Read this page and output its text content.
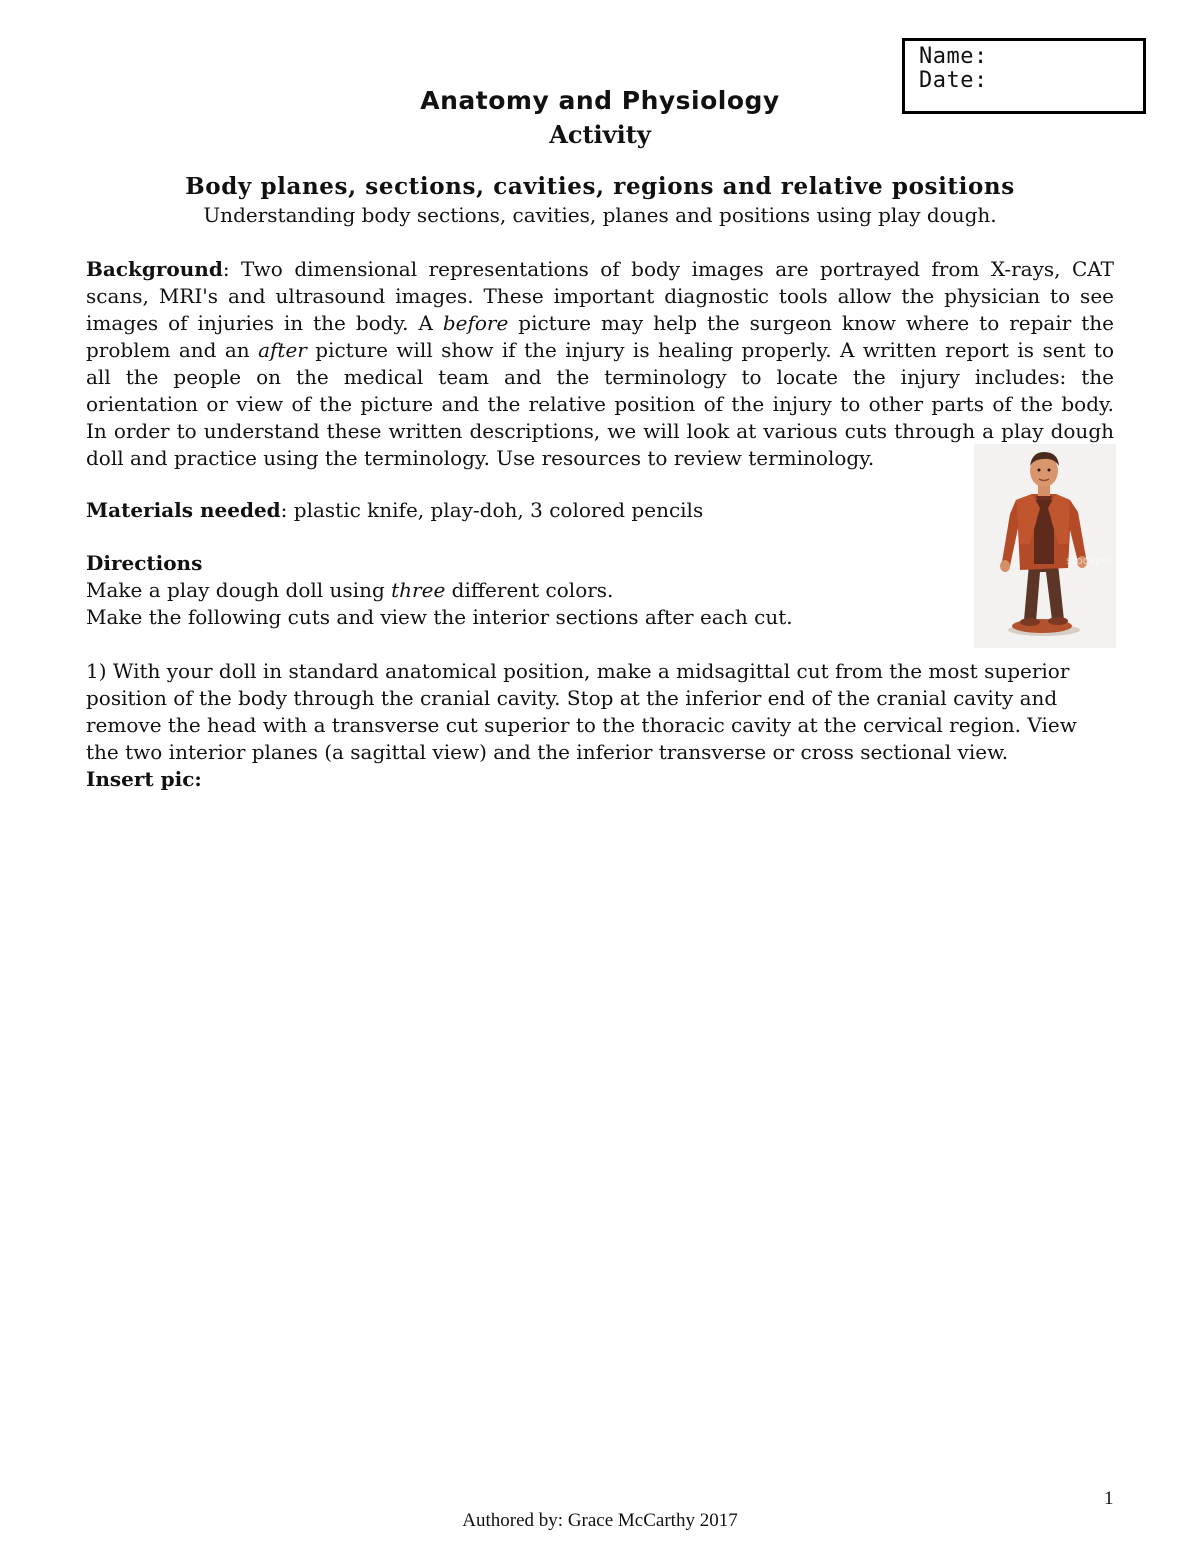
Name:
Date:
Anatomy and Physiology
Activity
Body planes, sections, cavities, regions and relative positions
Understanding body sections, cavities, planes and positions using play dough.
Background: Two dimensional representations of body images are portrayed from X-rays, CAT
scans, MRI's and ultrasound images. These important diagnostic tools allow the physician to see
images of injuries in the body. A before picture may help the surgeon know where to repair the
problem and an after picture will show if the injury is healing properly. A written report is sent to
all the people on the medical team and the terminology to locate the injury includes: the
orientation or view of the picture and the relative position of the injury to other parts of the body.
In order to understand these written descriptions, we will look at various cuts through a play dough
doll and practice using the terminology. Use resources to review terminology.
Materials needed: plastic knife, play-doh, 3 colored pencils
Directions
Make a play dough doll using three different colors.
Make the following cuts and view the interior sections after each cut.
1) With your doll in standard anatomical position, make a midsagittal cut from the most superior
position of the body through the cranial cavity. Stop at the inferior end of the cranial cavity and
remove the head with a transverse cut superior to the thoracic cavity at the cervical region. View
the two interior planes (a sagittal view) and the inferior transverse or cross sectional view.
Insert pic:
stockpic
1
Authored by: Grace McCarthy 2017
